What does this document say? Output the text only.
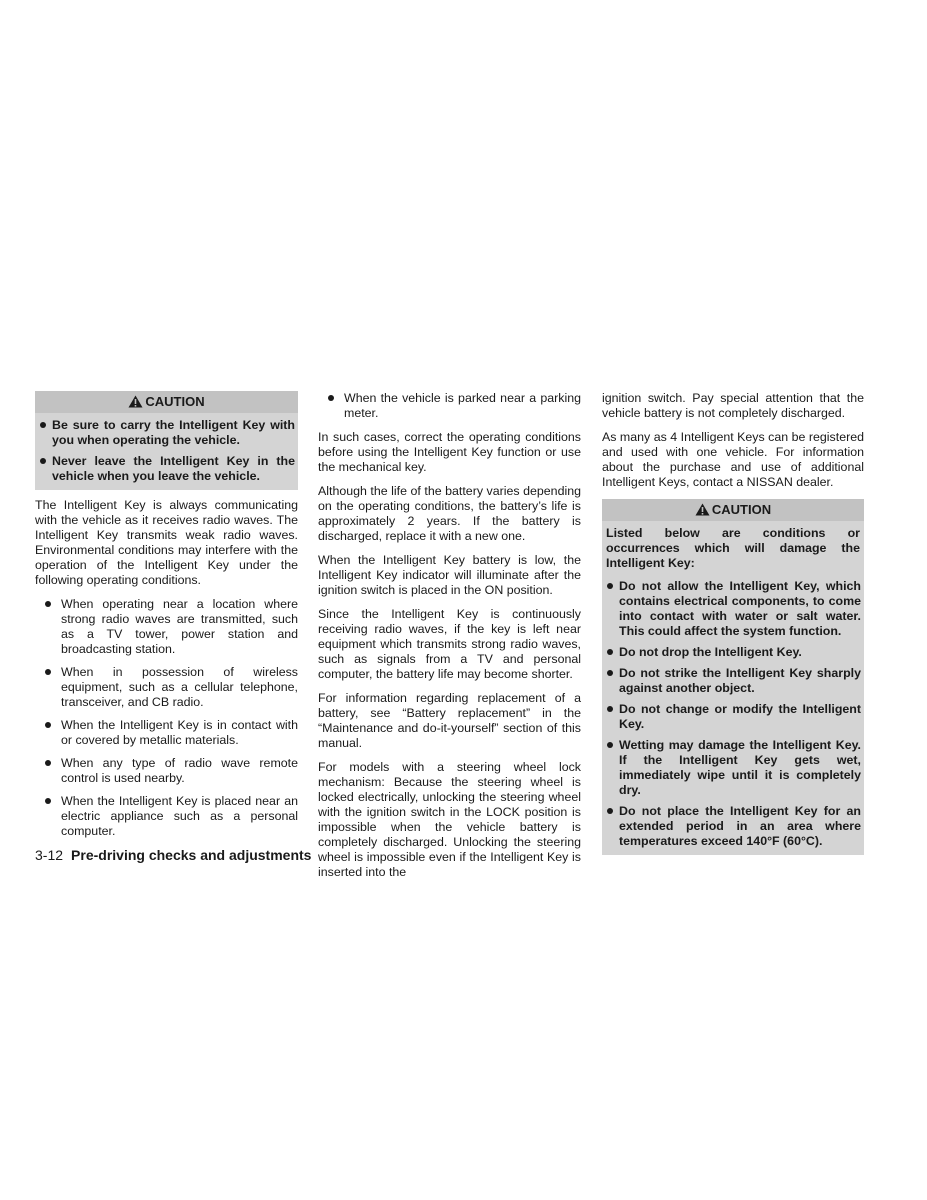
CAUTION
Be sure to carry the Intelligent Key with you when operating the vehicle.
Never leave the Intelligent Key in the vehicle when you leave the vehicle.

The Intelligent Key is always communicating with the vehicle as it receives radio waves. The Intelligent Key transmits weak radio waves. Environmental conditions may interfere with the operation of the Intelligent Key under the following operating conditions.

When operating near a location where strong radio waves are transmitted, such as a TV tower, power station and broadcasting station.
When in possession of wireless equipment, such as a cellular telephone, transceiver, and CB radio.
When the Intelligent Key is in contact with or covered by metallic materials.
When any type of radio wave remote control is used nearby.
When the Intelligent Key is placed near an electric appliance such as a personal computer.
When the vehicle is parked near a parking meter.

In such cases, correct the operating conditions before using the Intelligent Key function or use the mechanical key.

Although the life of the battery varies depending on the operating conditions, the battery’s life is approximately 2 years. If the battery is discharged, replace it with a new one.

When the Intelligent Key battery is low, the Intelligent Key indicator will illuminate after the ignition switch is placed in the ON position.

Since the Intelligent Key is continuously receiving radio waves, if the key is left near equipment which transmits strong radio waves, such as signals from a TV and personal computer, the battery life may become shorter.

For information regarding replacement of a battery, see “Battery replacement” in the “Maintenance and do-it-yourself” section of this manual.

For models with a steering wheel lock mechanism: Because the steering wheel is locked electrically, unlocking the steering wheel with the ignition switch in the LOCK position is impossible when the vehicle battery is completely discharged. Unlocking the steering wheel is impossible even if the Intelligent Key is inserted into the

ignition switch. Pay special attention that the vehicle battery is not completely discharged.

As many as 4 Intelligent Keys can be registered and used with one vehicle. For information about the purchase and use of additional Intelligent Keys, contact a NISSAN dealer.

CAUTION

Listed below are conditions or occurrences which will damage the Intelligent Key:

Do not allow the Intelligent Key, which contains electrical components, to come into contact with water or salt water. This could affect the system function.
Do not drop the Intelligent Key.
Do not strike the Intelligent Key sharply against another object.
Do not change or modify the Intelligent Key.
Wetting may damage the Intelligent Key. If the Intelligent Key gets wet, immediately wipe until it is completely dry.
Do not place the Intelligent Key for an extended period in an area where temperatures exceed 140°F (60°C).
3-12 Pre-driving checks and adjustments
